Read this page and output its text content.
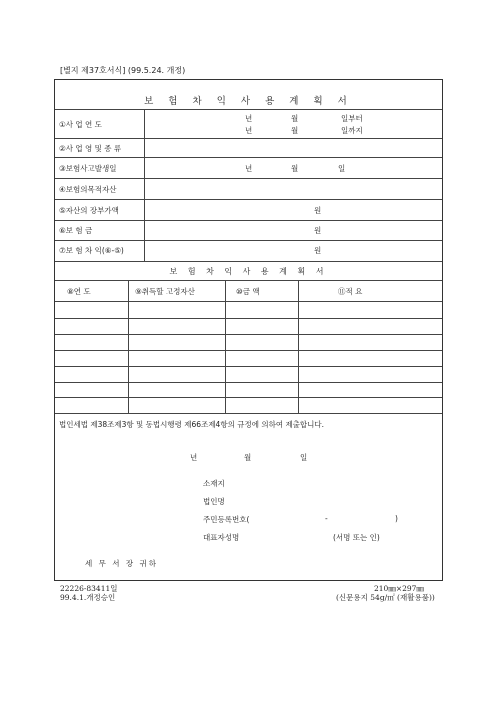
[별지 제37호서식] (99.5.24. 개정)
보 험 차 익 사 용 계 획 서
①사 업 연 도
년	월	일부터
년	월	일까지
②사 업 영 및 종 류
③보험사고발생일	년	월	일
④보험의목적자산
⑤자산의 장부가액	원
⑥보 험 금	원
⑦보 험 차 익(⑥-⑤)	원
보 험 차 익 사 용 계 획 서
⑧연 도	⑨취득할 고정자산	⑩금 액	⑪적 요
법인세법 제38조제3항 및 동법시행령 제66조제4항의 규정에 의하여 제출합니다.
년	월	일
소재지
법인명
주민등록번호(	-	)
대표자성명	(서명 또는 인)
세 무 서 장 귀하
22226-83411일
99.4.1.개정승인
210㎜×297㎜
(신문용지 54g/㎡ (재활용품))
